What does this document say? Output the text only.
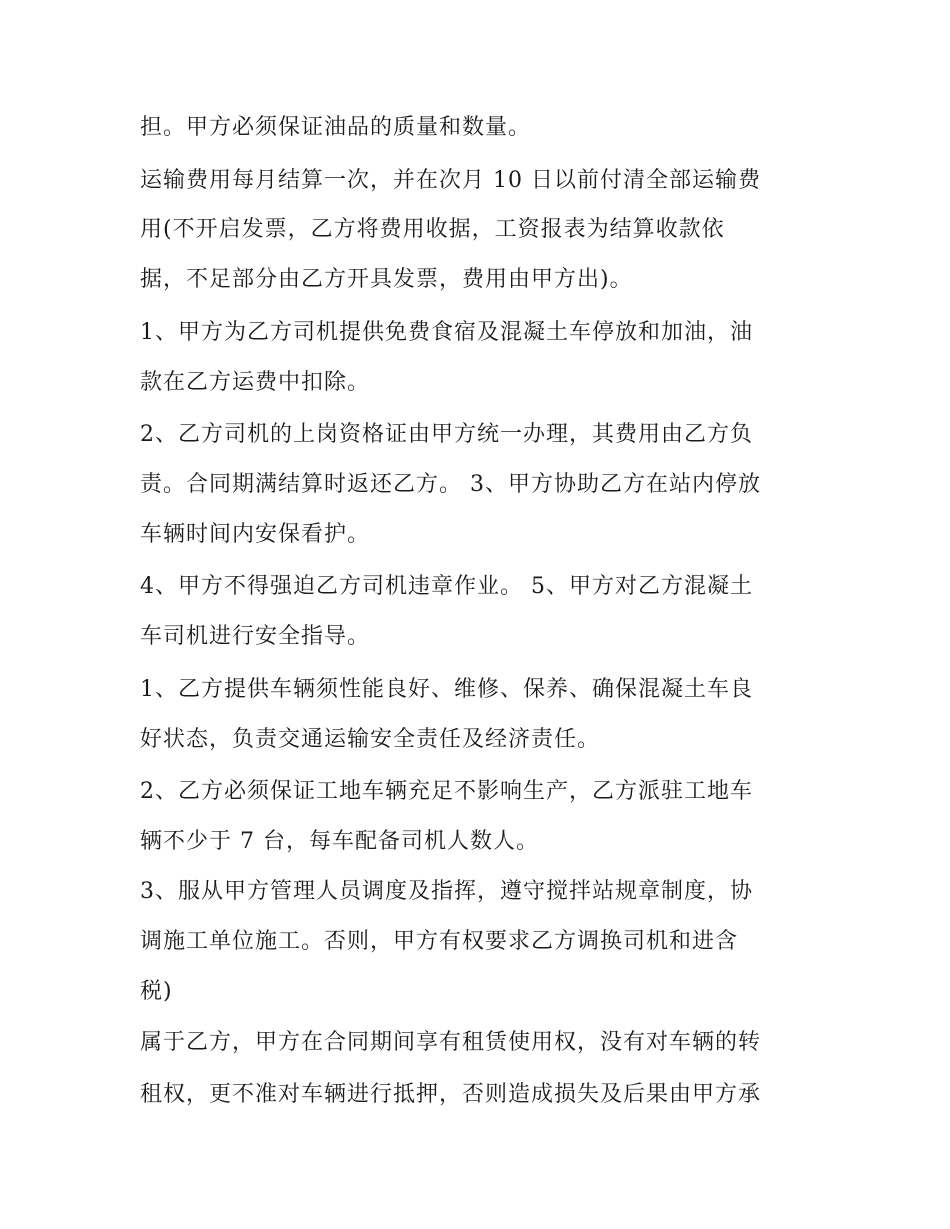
担。甲方必须保证油品的质量和数量。
运输费用每月结算一次，并在次月 10 日以前付清全部运输费
用(不开启发票，乙方将费用收据，工资报表为结算收款依
据，不足部分由乙方开具发票，费用由甲方出)。
1、甲方为乙方司机提供免费食宿及混凝土车停放和加油，油
款在乙方运费中扣除。
2、乙方司机的上岗资格证由甲方统一办理，其费用由乙方负
责。合同期满结算时返还乙方。 3、甲方协助乙方在站内停放
车辆时间内安保看护。
4、甲方不得强迫乙方司机违章作业。 5、甲方对乙方混凝土
车司机进行安全指导。
1、乙方提供车辆须性能良好、维修、保养、确保混凝土车良
好状态，负责交通运输安全责任及经济责任。
2、乙方必须保证工地车辆充足不影响生产，乙方派驻工地车
辆不少于 7 台，每车配备司机人数人。
3、服从甲方管理人员调度及指挥，遵守搅拌站规章制度，协
调施工单位施工。否则，甲方有权要求乙方调换司机和进含
税)
属于乙方，甲方在合同期间享有租赁使用权，没有对车辆的转
租权，更不准对车辆进行抵押，否则造成损失及后果由甲方承
